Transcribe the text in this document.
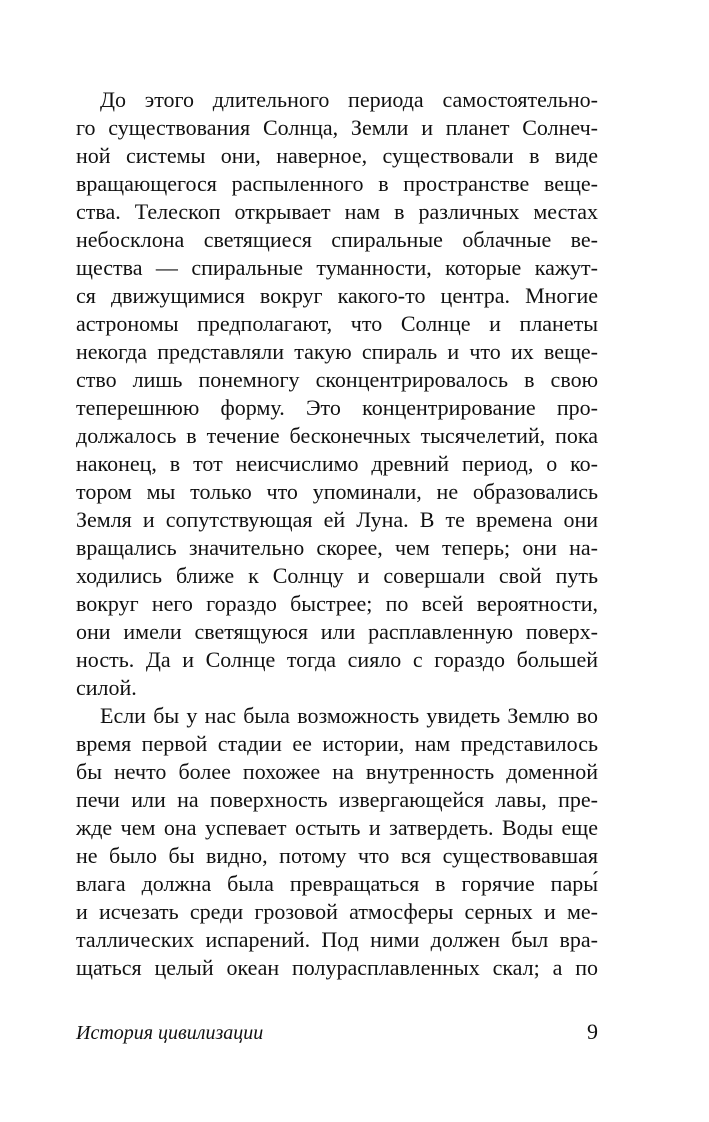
До этого длительного периода самостоятельно-
го существования Солнца, Земли и планет Солнеч-
ной системы они, наверное, существовали в виде
вращающегося распыленного в пространстве веще-
ства. Телескоп открывает нам в различных местах
небосклона светящиеся спиральные облачные ве-
щества — спиральные туманности, которые кажут-
ся движущимися вокруг какого-то центра. Многие
астрономы предполагают, что Солнце и планеты
некогда представляли такую спираль и что их веще-
ство лишь понемногу сконцентрировалось в свою
теперешнюю форму. Это концентрирование про-
должалось в течение бесконечных тысячелетий, пока
наконец, в тот неисчислимо древний период, о ко-
тором мы только что упоминали, не образовались
Земля и сопутствующая ей Луна. В те времена они
вращались значительно скорее, чем теперь; они на-
ходились ближе к Солнцу и совершали свой путь
вокруг него гораздо быстрее; по всей вероятности,
они имели светящуюся или расплавленную поверх-
ность. Да и Солнце тогда сияло с гораздо большей
силой.
Если бы у нас была возможность увидеть Землю во
время первой стадии ее истории, нам представилось
бы нечто более похожее на внутренность доменной
печи или на поверхность извергающейся лавы, пре-
жде чем она успевает остыть и затвердеть. Воды еще
не было бы видно, потому что вся существовавшая
влага должна была превращаться в горячие пары́
и исчезать среди грозовой атмосферы серных и ме-
таллических испарений. Под ними должен был вра-
щаться целый океан полурасплавленных скал; а по
История цивилизации	9
